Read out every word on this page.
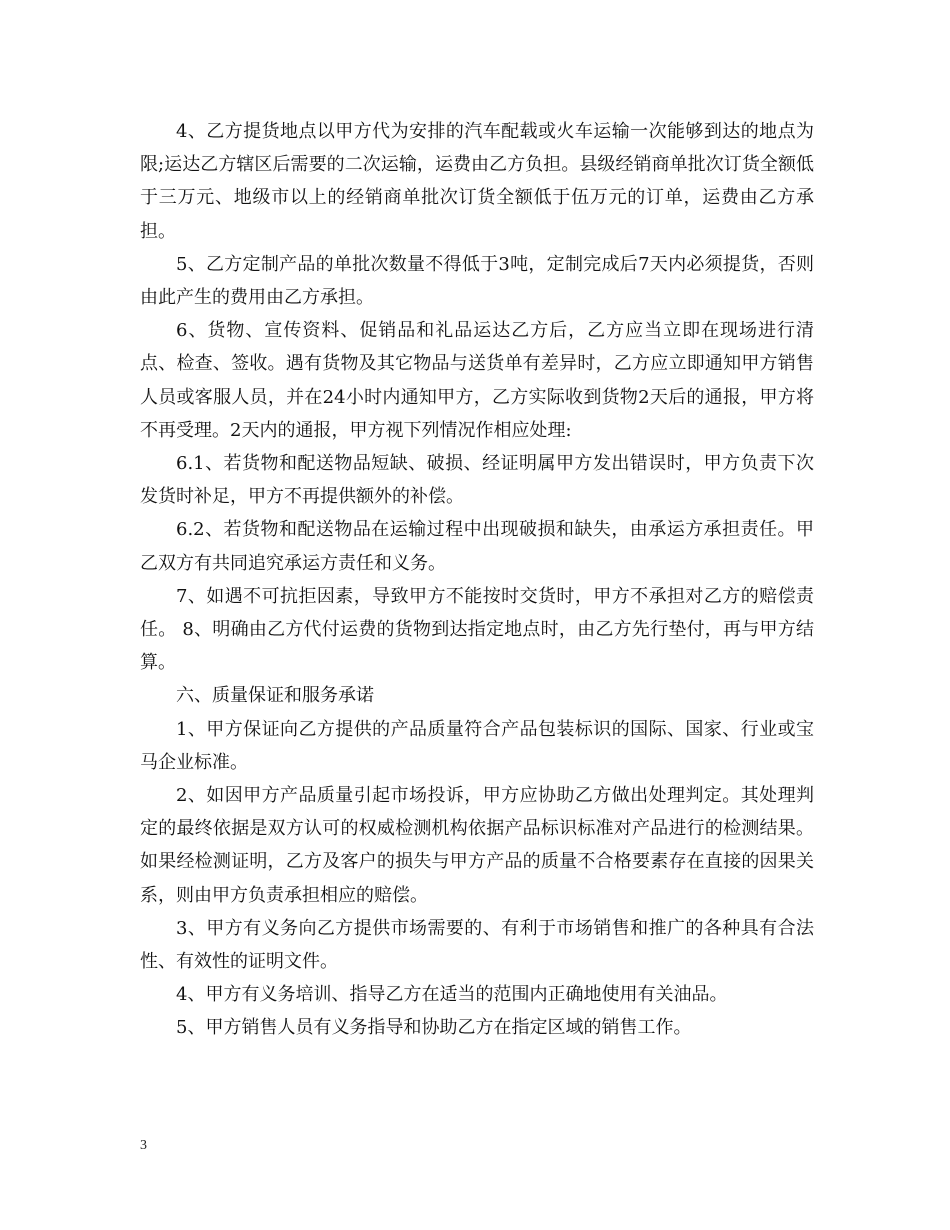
4、乙方提货地点以甲方代为安排的汽车配载或火车运输一次能够到达的地点为限;运达乙方辖区后需要的二次运输，运费由乙方负担。县级经销商单批次订货全额低于三万元、地级市以上的经销商单批次订货全额低于伍万元的订单，运费由乙方承担。

5、乙方定制产品的单批次数量不得低于3吨，定制完成后7天内必须提货，否则由此产生的费用由乙方承担。

6、货物、宣传资料、促销品和礼品运达乙方后，乙方应当立即在现场进行清点、检查、签收。遇有货物及其它物品与送货单有差异时，乙方应立即通知甲方销售人员或客服人员，并在24小时内通知甲方，乙方实际收到货物2天后的通报，甲方将不再受理。2天内的通报，甲方视下列情况作相应处理:

6.1、若货物和配送物品短缺、破损、经证明属甲方发出错误时，甲方负责下次发货时补足，甲方不再提供额外的补偿。

6.2、若货物和配送物品在运输过程中出现破损和缺失，由承运方承担责任。甲乙双方有共同追究承运方责任和义务。

7、如遇不可抗拒因素，导致甲方不能按时交货时，甲方不承担对乙方的赔偿责任。 8、明确由乙方代付运费的货物到达指定地点时，由乙方先行垫付，再与甲方结算。

六、质量保证和服务承诺

1、甲方保证向乙方提供的产品质量符合产品包装标识的国际、国家、行业或宝马企业标准。

2、如因甲方产品质量引起市场投诉，甲方应协助乙方做出处理判定。其处理判定的最终依据是双方认可的权威检测机构依据产品标识标准对产品进行的检测结果。如果经检测证明，乙方及客户的损失与甲方产品的质量不合格要素存在直接的因果关系，则由甲方负责承担相应的赔偿。

3、甲方有义务向乙方提供市场需要的、有利于市场销售和推广的各种具有合法性、有效性的证明文件。

4、甲方有义务培训、指导乙方在适当的范围内正确地使用有关油品。

5、甲方销售人员有义务指导和协助乙方在指定区域的销售工作。

3
